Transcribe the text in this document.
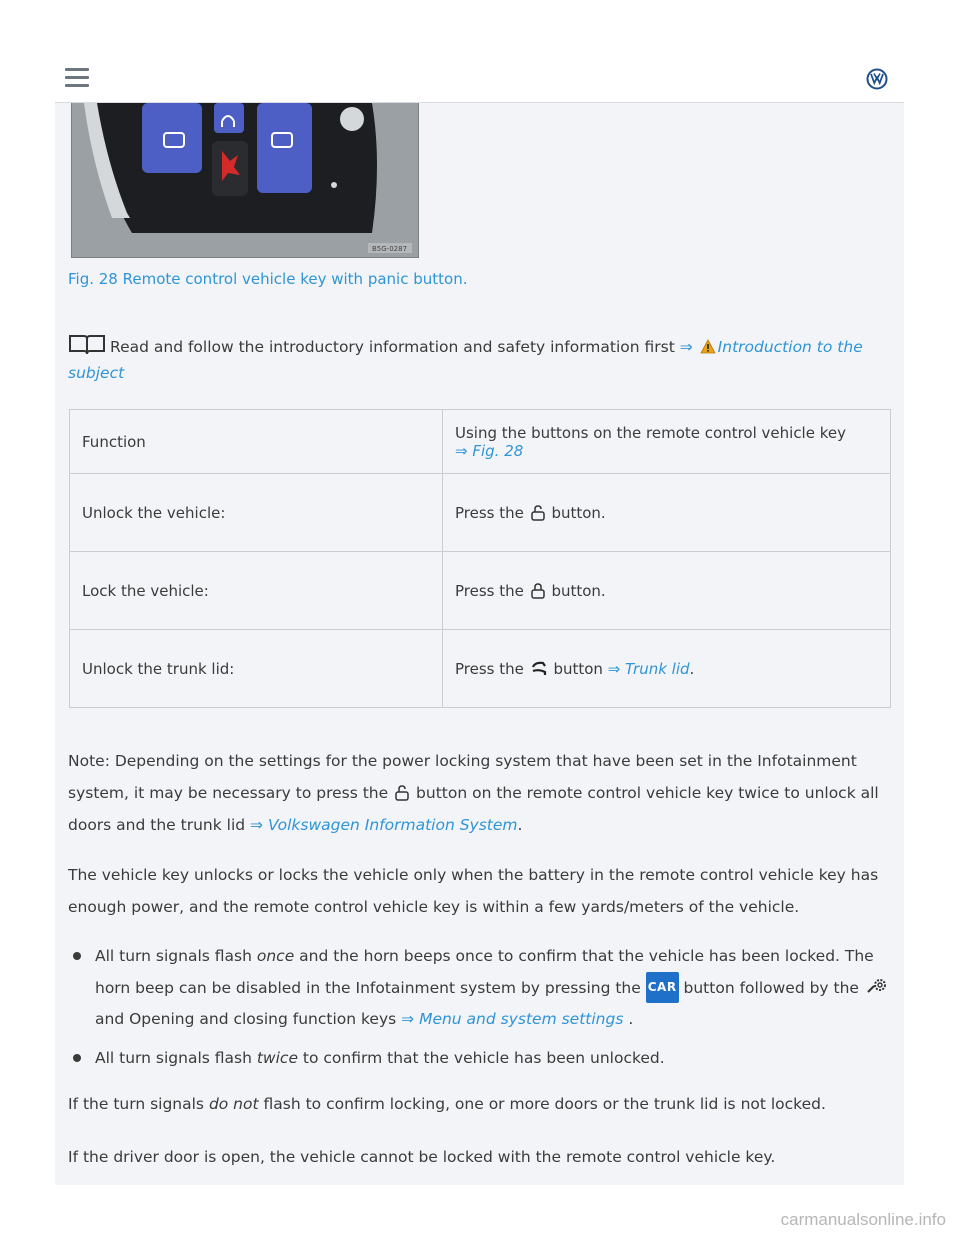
B5G-0287
Fig. 28 Remote control vehicle key with panic button.
Read and follow the introductory information and safety information first ⇒ Introduction to the subject
Function	Using the buttons on the remote control vehicle key
⇒ Fig. 28
Unlock the vehicle:	Press the button.
Lock the vehicle:	Press the button.
Unlock the trunk lid:	Press the button ⇒ Trunk lid.
Note: Depending on the settings for the power locking system that have been set in the Infotainment system, it may be necessary to press the button on the remote control vehicle key twice to unlock all doors and the trunk lid ⇒ Volkswagen Information System.
The vehicle key unlocks or locks the vehicle only when the battery in the remote control vehicle key has enough power, and the remote control vehicle key is within a few yards/meters of the vehicle.
All turn signals flash once and the horn beeps once to confirm that the vehicle has been locked. The horn beep can be disabled in the Infotainment system by pressing the CAR button followed by the  and Opening and closing function keys ⇒ Menu and system settings .
All turn signals flash twice to confirm that the vehicle has been unlocked.
If the turn signals do not flash to confirm locking, one or more doors or the trunk lid is not locked.
If the driver door is open, the vehicle cannot be locked with the remote control vehicle key.
carmanualsonline.info
